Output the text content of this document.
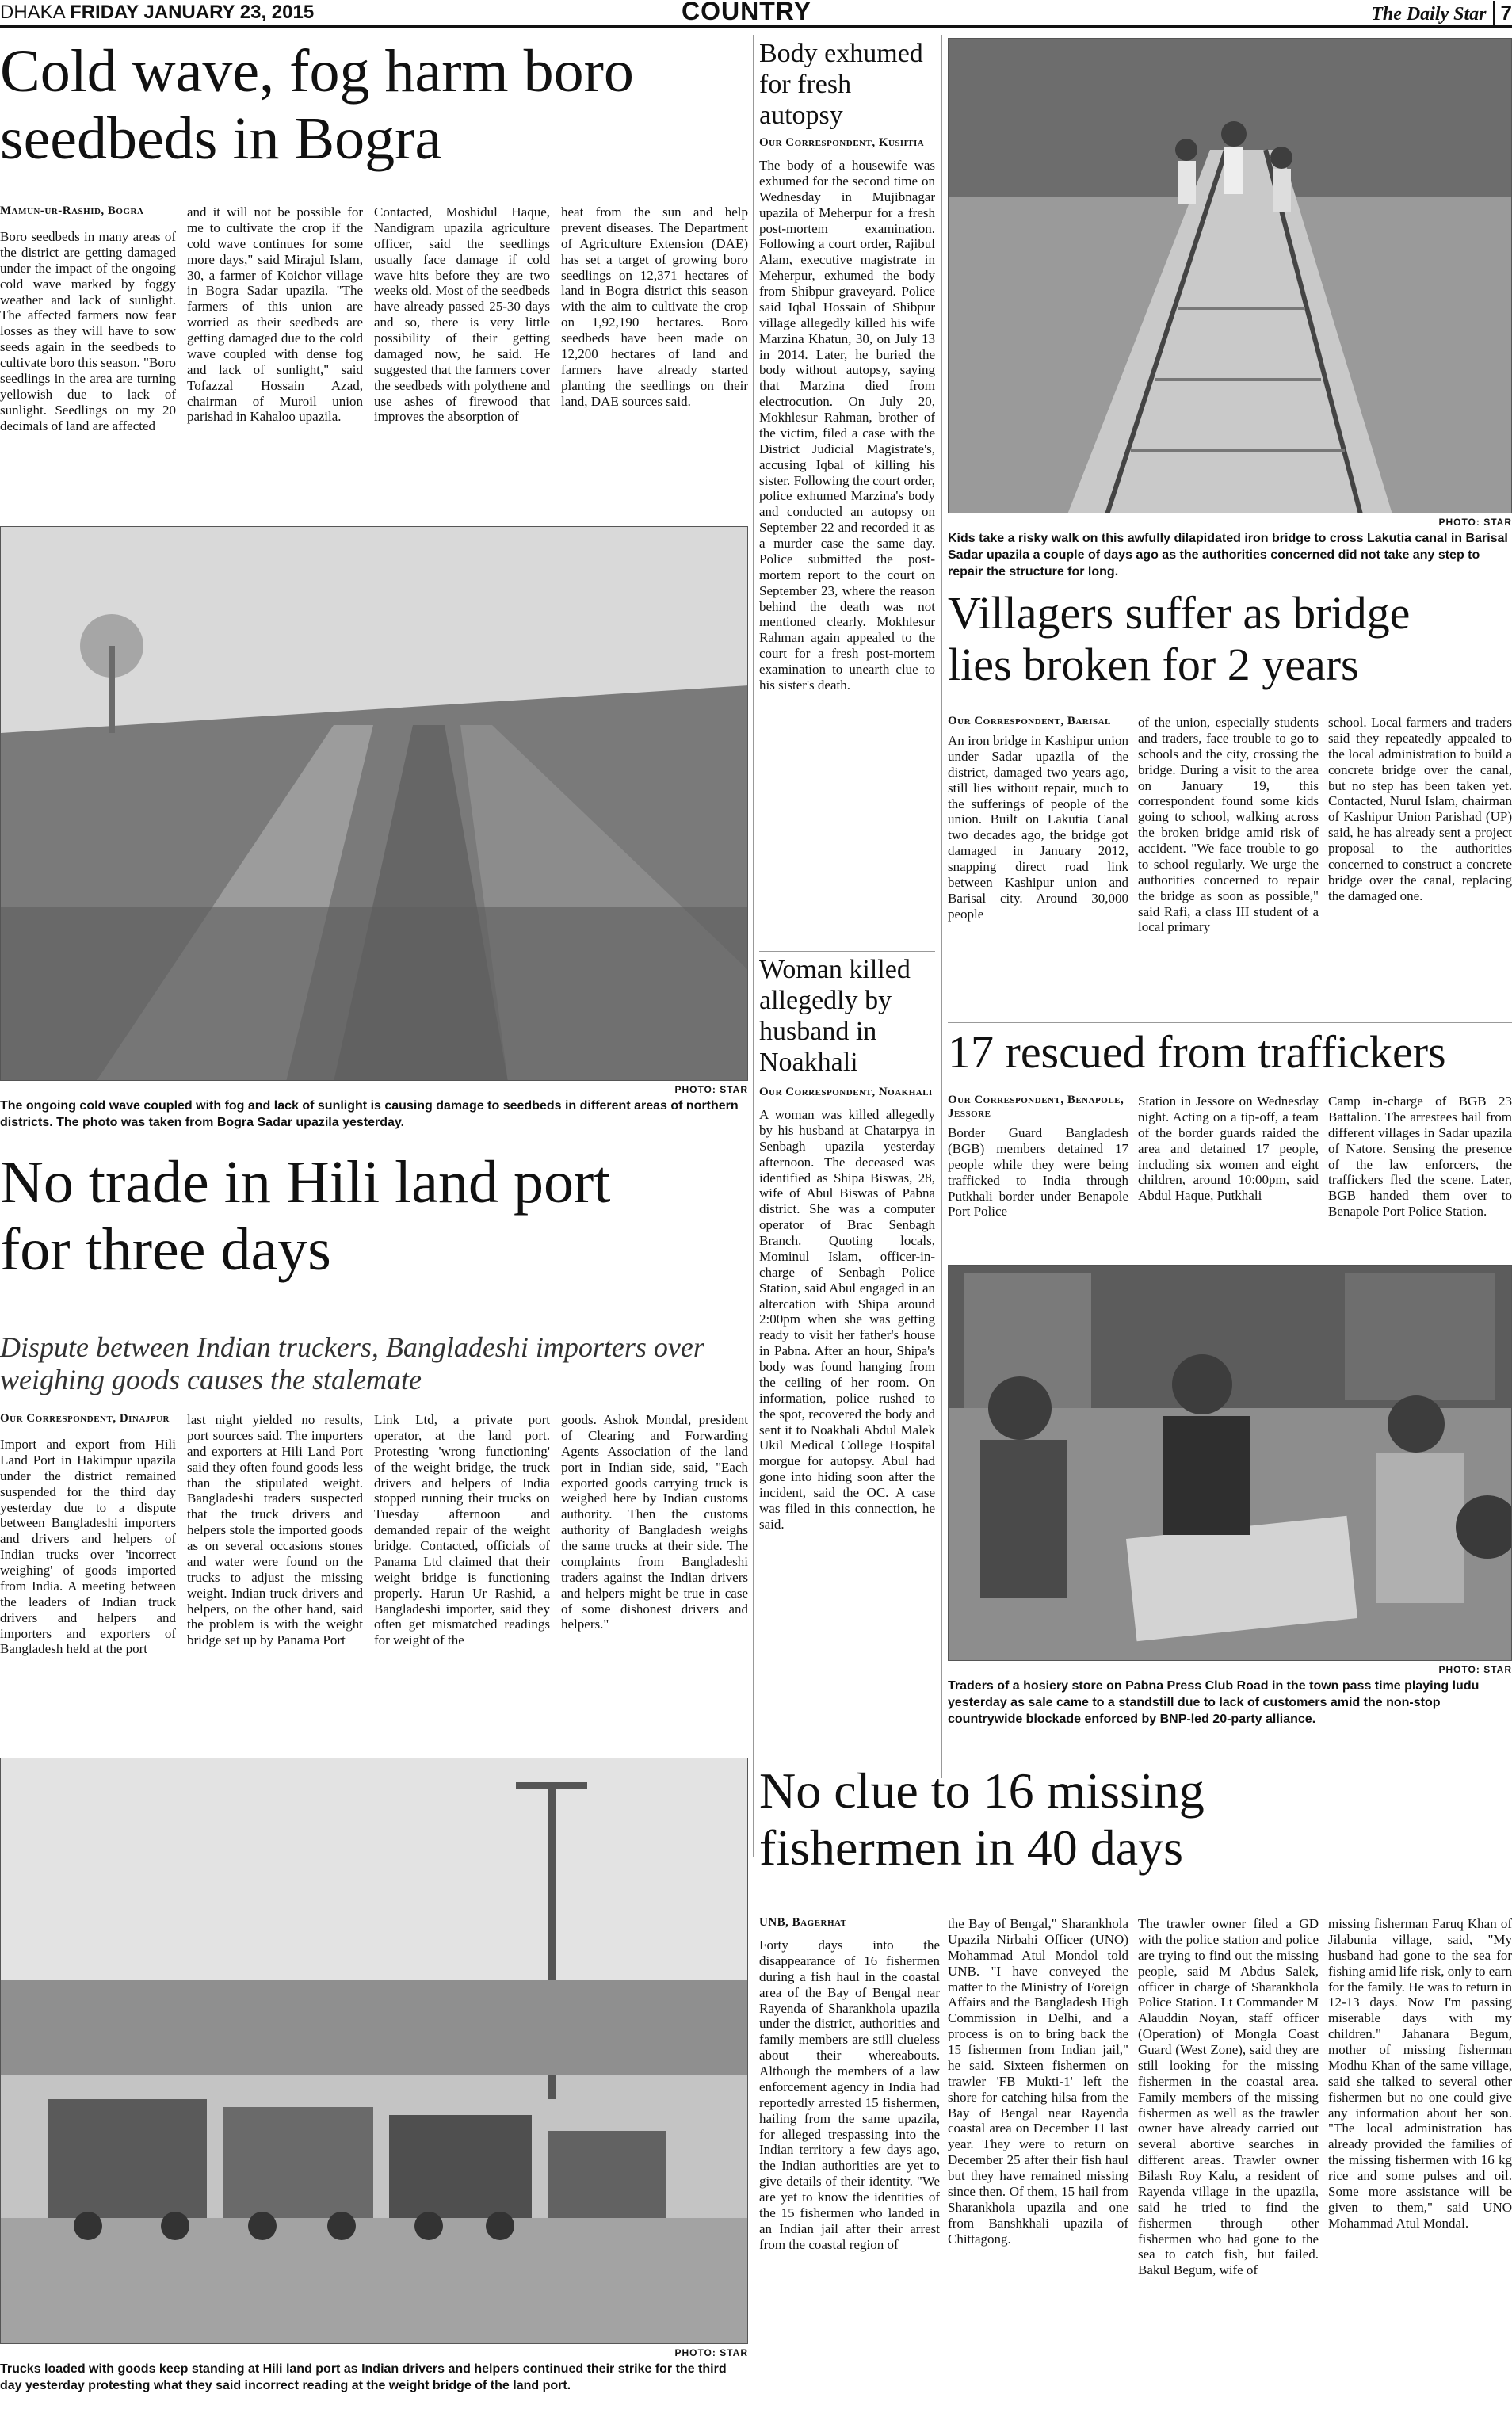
DHAKA FRIDAY JANUARY 23, 2015	COUNTRY	The Daily Star 7
Cold wave, fog harm boro
seedbeds in Bogra
Mamun-ur-Rashid, Bogra
Boro seedbeds in many areas of the district are getting damaged under the impact of the ongoing cold wave marked by foggy weather and lack of sunlight. The affected farmers now fear losses as they will have to sow seeds again in the seedbeds to cultivate boro this season. "Boro seedlings in the area are turning yellowish due to lack of sunlight. Seedlings on my 20 decimals of land are affected
and it will not be possible for me to cultivate the crop if the cold wave continues for some more days," said Mirajul Islam, 30, a farmer of Koichor village in Bogra Sadar upazila. "The farmers of this union are worried as their seedbeds are getting damaged due to the cold wave coupled with dense fog and lack of sunlight," said Tofazzal Hossain Azad, chairman of Muroil union parishad in Kahaloo upazila.
Contacted, Moshidul Haque, Nandigram upazila agriculture officer, said the seedlings usually face damage if cold wave hits before they are two weeks old. Most of the seedbeds have already passed 25-30 days and so, there is very little possibility of their getting damaged now, he said. He suggested that the farmers cover the seedbeds with polythene and use ashes of firewood that improves the absorption of
heat from the sun and help prevent diseases. The Department of Agriculture Extension (DAE) has set a target of growing boro seedlings on 12,371 hectares of land in Bogra district this season with the aim to cultivate the crop on 1,92,190 hectares. Boro seedbeds have been made on 12,200 hectares of land and farmers have already started planting the seedlings on their land, DAE sources said.
PHOTO: STAR
The ongoing cold wave coupled with fog and lack of sunlight is causing damage to seedbeds in different areas of northern districts. The photo was taken from Bogra Sadar upazila yesterday.
No trade in Hili land port
for three days
Dispute between Indian truckers, Bangladeshi importers over weighing goods causes the stalemate
Our Correspondent, Dinajpur
Import and export from Hili Land Port in Hakimpur upazila under the district remained suspended for the third day yesterday due to a dispute between Bangladeshi importers and drivers and helpers of Indian trucks over 'incorrect weighing' of goods imported from India. A meeting between the leaders of Indian truck drivers and helpers and importers and exporters of Bangladesh held at the port
last night yielded no results, port sources said. The importers and exporters at Hili Land Port said they often found goods less than the stipulated weight. Bangladeshi traders suspected that the truck drivers and helpers stole the imported goods as on several occasions stones and water were found on the trucks to adjust the missing weight. Indian truck drivers and helpers, on the other hand, said the problem is with the weight bridge set up by Panama Port
Link Ltd, a private port operator, at the land port. Protesting 'wrong functioning' of the weight bridge, the truck drivers and helpers of India stopped running their trucks on Tuesday afternoon and demanded repair of the weight bridge. Contacted, officials of Panama Ltd claimed that their weight bridge is functioning properly. Harun Ur Rashid, a Bangladeshi importer, said they often get mismatched readings for weight of the
goods. Ashok Mondal, president of Clearing and Forwarding Agents Association of the land port in Indian side, said, "Each exported goods carrying truck is weighed here by Indian customs authority. Then the customs authority of Bangladesh weighs the same trucks at their side. The complaints from Bangladeshi traders against the Indian drivers and helpers might be true in case of some dishonest drivers and helpers."
PHOTO: STAR
Trucks loaded with goods keep standing at Hili land port as Indian drivers and helpers continued their strike for the third day yesterday protesting what they said incorrect reading at the weight bridge of the land port.
Body exhumed for fresh autopsy
Our Correspondent, Kushtia
The body of a housewife was exhumed for the second time on Wednesday in Mujibnagar upazila of Meherpur for a fresh post-mortem examination. Following a court order, Rajibul Alam, executive magistrate in Meherpur, exhumed the body from Shibpur graveyard. Police said Iqbal Hossain of Shibpur village allegedly killed his wife Marzina Khatun, 30, on July 13 in 2014. Later, he buried the body without autopsy, saying that Marzina died from electrocution. On July 20, Mokhlesur Rahman, brother of the victim, filed a case with the District Judicial Magistrate's, accusing Iqbal of killing his sister. Following the court order, police exhumed Marzina's body and conducted an autopsy on September 22 and recorded it as a murder case the same day. Police submitted the post-mortem report to the court on September 23, where the reason behind the death was not mentioned clearly. Mokhlesur Rahman again appealed to the court for a fresh post-mortem examination to unearth clue to his sister's death.
Woman killed allegedly by husband in Noakhali
Our Correspondent, Noakhali
A woman was killed allegedly by his husband at Chatarpya in Senbagh upazila yesterday afternoon. The deceased was identified as Shipa Biswas, 28, wife of Abul Biswas of Pabna district. She was a computer operator of Brac Senbagh Branch. Quoting locals, Mominul Islam, officer-in-charge of Senbagh Police Station, said Abul engaged in an altercation with Shipa around 2:00pm when she was getting ready to visit her father's house in Pabna. After an hour, Shipa's body was found hanging from the ceiling of her room. On information, police rushed to the spot, recovered the body and sent it to Noakhali Abdul Malek Ukil Medical College Hospital morgue for autopsy. Abul had gone into hiding soon after the incident, said the OC. A case was filed in this connection, he said.
PHOTO: STAR
Kids take a risky walk on this awfully dilapidated iron bridge to cross Lakutia canal in Barisal Sadar upazila a couple of days ago as the authorities concerned did not take any step to repair the structure for long.
Villagers suffer as bridge
lies broken for 2 years
Our Correspondent, Barisal
An iron bridge in Kashipur union under Sadar upazila of the district, damaged two years ago, still lies without repair, much to the sufferings of people of the union. Built on Lakutia Canal two decades ago, the bridge got damaged in January 2012, snapping direct road link between Kashipur union and Barisal city. Around 30,000 people
of the union, especially students and traders, face trouble to go to schools and the city, crossing the bridge. During a visit to the area on January 19, this correspondent found some kids going to school, walking across the broken bridge amid risk of accident. "We face trouble to go to school regularly. We urge the authorities concerned to repair the bridge as soon as possible," said Rafi, a class III student of a local primary
school. Local farmers and traders said they repeatedly appealed to the local administration to build a concrete bridge over the canal, but no step has been taken yet. Contacted, Nurul Islam, chairman of Kashipur Union Parishad (UP) said, he has already sent a project proposal to the authorities concerned to construct a concrete bridge over the canal, replacing the damaged one.
17 rescued from traffickers
Our Correspondent, Benapole, Jessore
Border Guard Bangladesh (BGB) members detained 17 people while they were being trafficked to India through Putkhali border under Benapole Port Police
Station in Jessore on Wednesday night. Acting on a tip-off, a team of the border guards raided the area and detained 17 people, including six women and eight children, around 10:00pm, said Abdul Haque, Putkhali
Camp in-charge of BGB 23 Battalion. The arrestees hail from different villages in Sadar upazila of Natore. Sensing the presence of the law enforcers, the traffickers fled the scene. Later, BGB handed them over to Benapole Port Police Station.
PHOTO: STAR
Traders of a hosiery store on Pabna Press Club Road in the town pass time playing ludu yesterday as sale came to a standstill due to lack of customers amid the non-stop countrywide blockade enforced by BNP-led 20-party alliance.
No clue to 16 missing
fishermen in 40 days
UNB, Bagerhat
Forty days into the disappearance of 16 fishermen during a fish haul in the coastal area of the Bay of Bengal near Rayenda of Sharankhola upazila under the district, authorities and family members are still clueless about their whereabouts. Although the members of a law enforcement agency in India had reportedly arrested 15 fishermen, hailing from the same upazila, for alleged trespassing into the Indian territory a few days ago, the Indian authorities are yet to give details of their identity. "We are yet to know the identities of the 15 fishermen who landed in an Indian jail after their arrest from the coastal region of
the Bay of Bengal," Sharankhola Upazila Nirbahi Officer (UNO) Mohammad Atul Mondol told UNB. "I have conveyed the matter to the Ministry of Foreign Affairs and the Bangladesh High Commission in Delhi, and a process is on to bring back the 15 fishermen from Indian jail," he said. Sixteen fishermen on trawler 'FB Mukti-1' left the shore for catching hilsa from the Bay of Bengal near Rayenda coastal area on December 11 last year. They were to return on December 25 after their fish haul but they have remained missing since then. Of them, 15 hail from Sharankhola upazila and one from Banshkhali upazila of Chittagong.
The trawler owner filed a GD with the police station and police are trying to find out the missing people, said M Abdus Salek, officer in charge of Sharankhola Police Station. Lt Commander M Alauddin Noyan, staff officer (Operation) of Mongla Coast Guard (West Zone), said they are still looking for the missing fishermen in the coastal area. Family members of the missing fishermen as well as the trawler owner have already carried out several abortive searches in different areas. Trawler owner Bilash Roy Kalu, a resident of Rayenda village in the upazila, said he tried to find the fishermen through other fishermen who had gone to the sea to catch fish, but failed. Bakul Begum, wife of
missing fisherman Faruq Khan of Jilabunia village, said, "My husband had gone to the sea for fishing amid life risk, only to earn for the family. He was to return in 12-13 days. Now I'm passing miserable days with my children." Jahanara Begum, mother of missing fisherman Modhu Khan of the same village, said she talked to several other fishermen but no one could give any information about her son. "The local administration has already provided the families of the missing fishermen with 16 kg rice and some pulses and oil. Some more assistance will be given to them," said UNO Mohammad Atul Mondal.
